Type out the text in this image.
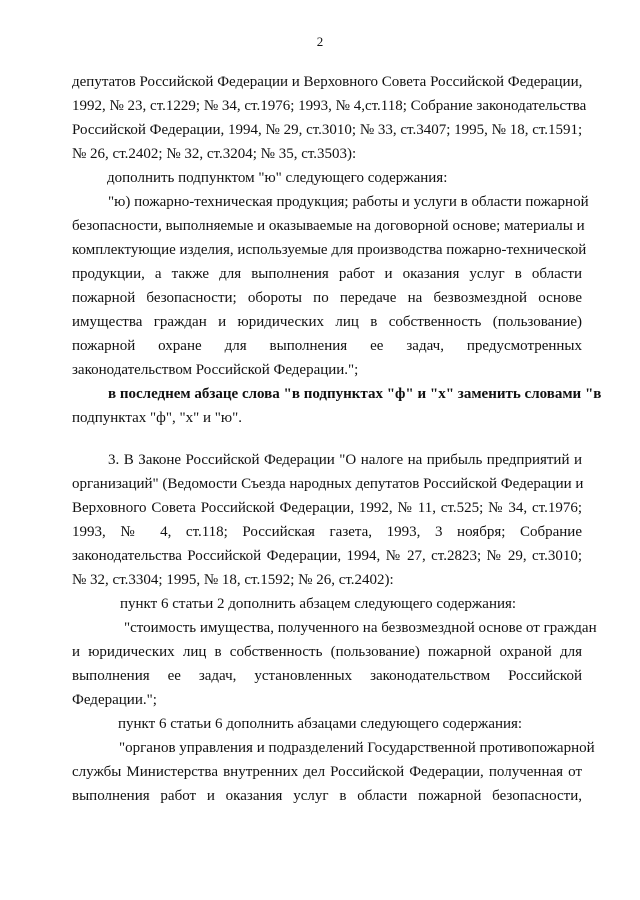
2
депутатов Российской Федерации и Верховного Совета Российской Федерации,
1992, № 23, ст.1229; № 34, ст.1976; 1993, № 4,ст.118; Собрание законодательства
Российской Федерации, 1994, № 29, ст.3010; № 33, ст.3407; 1995, № 18, ст.1591;
№ 26, ст.2402; № 32, ст.3204; № 35, ст.3503):
дополнить подпунктом "ю" следующего содержания:
"ю) пожарно-техническая продукция; работы и услуги в области пожарной
безопасности, выполняемые и оказываемые на договорной основе; материалы и
комплектующие изделия, используемые для производства пожарно-технической
продукции, а также для выполнения работ и оказания услуг в области
пожарной безопасности; обороты по передаче на безвозмездной основе
имущества граждан и юридических лиц в собственность (пользование)
пожарной охране для выполнения ее задач, предусмотренных
законодательством Российской Федерации.";
в последнем абзаце слова "в подпунктах "ф" и "х" заменить словами "в
подпунктах "ф", "х" и "ю".
3. В Законе Российской Федерации "О налоге на прибыль предприятий и
организаций" (Ведомости Съезда народных депутатов Российской Федерации и
Верховного Совета Российской Федерации, 1992, № 11, ст.525; № 34, ст.1976;
1993, № 4, ст.118; Российская газета, 1993, 3 ноября; Собрание
законодательства Российской Федерации, 1994, № 27, ст.2823; № 29, ст.3010;
№ 32, ст.3304; 1995, № 18, ст.1592; № 26, ст.2402):
пункт 6 статьи 2 дополнить абзацем следующего содержания:
"стоимость имущества, полученного на безвозмездной основе от граждан
и юридических лиц в собственность (пользование) пожарной охраной для
выполнения ее задач, установленных законодательством Российской
Федерации.";
пункт 6 статьи 6 дополнить абзацами следующего содержания:
"органов управления и подразделений Государственной противопожарной
службы Министерства внутренних дел Российской Федерации, полученная от
выполнения работ и оказания услуг в области пожарной безопасности,
